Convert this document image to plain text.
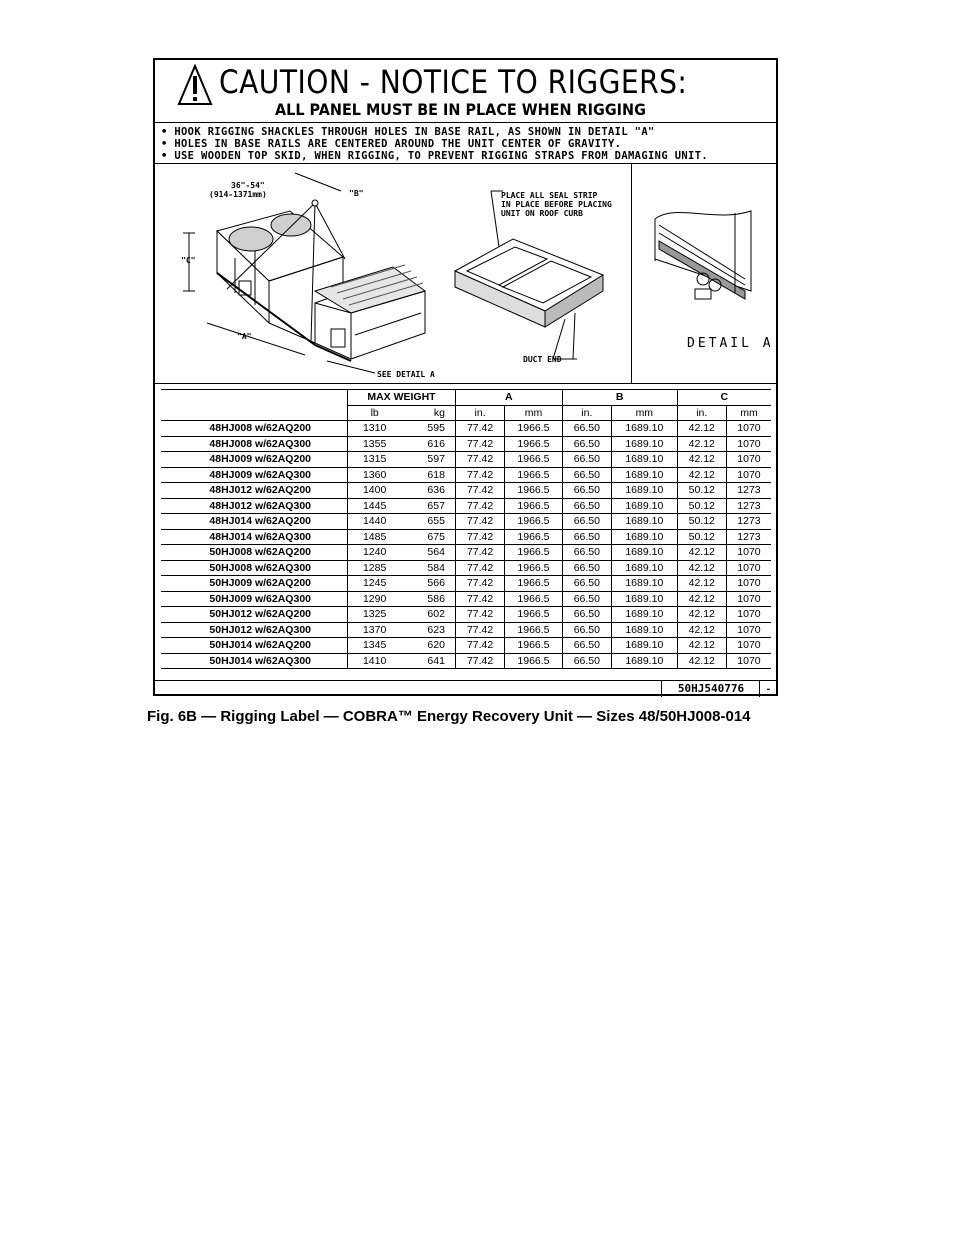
CAUTION - NOTICE TO RIGGERS:
ALL PANEL MUST BE IN PLACE WHEN RIGGING
• HOOK RIGGING SHACKLES THROUGH HOLES IN BASE RAIL, AS SHOWN IN DETAIL "A"
• HOLES IN BASE RAILS ARE CENTERED AROUND THE UNIT CENTER OF GRAVITY.
• USE WOODEN TOP SKID, WHEN RIGGING, TO PREVENT RIGGING STRAPS FROM DAMAGING UNIT.
36"-54"
(914-1371mm)	"B"
"C"
"A"
SEE DETAIL A
PLACE ALL SEAL STRIP
IN PLACE BEFORE PLACING
UNIT ON ROOF CURB
DUCT END
DETAIL A
	MAX WEIGHT		A		B		C	
	lb	kg	in.	mm	in.	mm	in.	mm
48HJ008 w/62AQ200	1310	595	77.42	1966.5	66.50	1689.10	42.12	1070
48HJ008 w/62AQ300	1355	616	77.42	1966.5	66.50	1689.10	42.12	1070
48HJ009 w/62AQ200	1315	597	77.42	1966.5	66.50	1689.10	42.12	1070
48HJ009 w/62AQ300	1360	618	77.42	1966.5	66.50	1689.10	42.12	1070
48HJ012 w/62AQ200	1400	636	77.42	1966.5	66.50	1689.10	50.12	1273
48HJ012 w/62AQ300	1445	657	77.42	1966.5	66.50	1689.10	50.12	1273
48HJ014 w/62AQ200	1440	655	77.42	1966.5	66.50	1689.10	50.12	1273
48HJ014 w/62AQ300	1485	675	77.42	1966.5	66.50	1689.10	50.12	1273
50HJ008 w/62AQ200	1240	564	77.42	1966.5	66.50	1689.10	42.12	1070
50HJ008 w/62AQ300	1285	584	77.42	1966.5	66.50	1689.10	42.12	1070
50HJ009 w/62AQ200	1245	566	77.42	1966.5	66.50	1689.10	42.12	1070
50HJ009 w/62AQ300	1290	586	77.42	1966.5	66.50	1689.10	42.12	1070
50HJ012 w/62AQ200	1325	602	77.42	1966.5	66.50	1689.10	42.12	1070
50HJ012 w/62AQ300	1370	623	77.42	1966.5	66.50	1689.10	42.12	1070
50HJ014 w/62AQ200	1345	620	77.42	1966.5	66.50	1689.10	42.12	1070
50HJ014 w/62AQ300	1410	641	77.42	1966.5	66.50	1689.10	42.12	1070
50HJ540776	-
Fig. 6B — Rigging Label — COBRA™ Energy Recovery Unit — Sizes 48/50HJ008-014
